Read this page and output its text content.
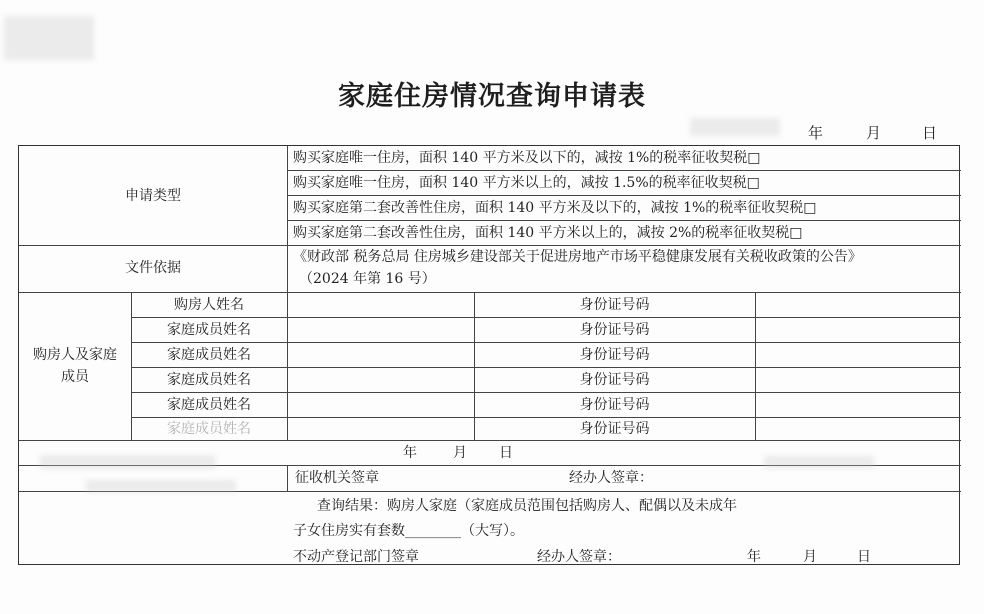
家庭住房情况查询申请表
年	月	日
申请类型
购买家庭唯一住房，面积 140 平方米及以下的，减按 1%的税率征收契税□
购买家庭唯一住房，面积 140 平方米以上的，减按 1.5%的税率征收契税□
购买家庭第二套改善性住房，面积 140 平方米及以下的，减按 1%的税率征收契税□
购买家庭第二套改善性住房，面积 140 平方米以上的，减按 2%的税率征收契税□
文件依据
《财政部 税务总局 住房城乡建设部关于促进房地产市场平稳健康发展有关税收政策的公告》
（2024 年第 16 号）
购房人及家庭
成员
购房人姓名	身份证号码
家庭成员姓名	身份证号码
家庭成员姓名	身份证号码
家庭成员姓名	身份证号码
家庭成员姓名	身份证号码
家庭成员姓名	身份证号码
年	月 日
征收机关签章	经办人签章：
查询结果：购房人家庭（家庭成员范围包括购房人、配偶以及未成年
子女住房实有套数________（大写）。
不动产登记部门签章	经办人签章：	年	月	日
